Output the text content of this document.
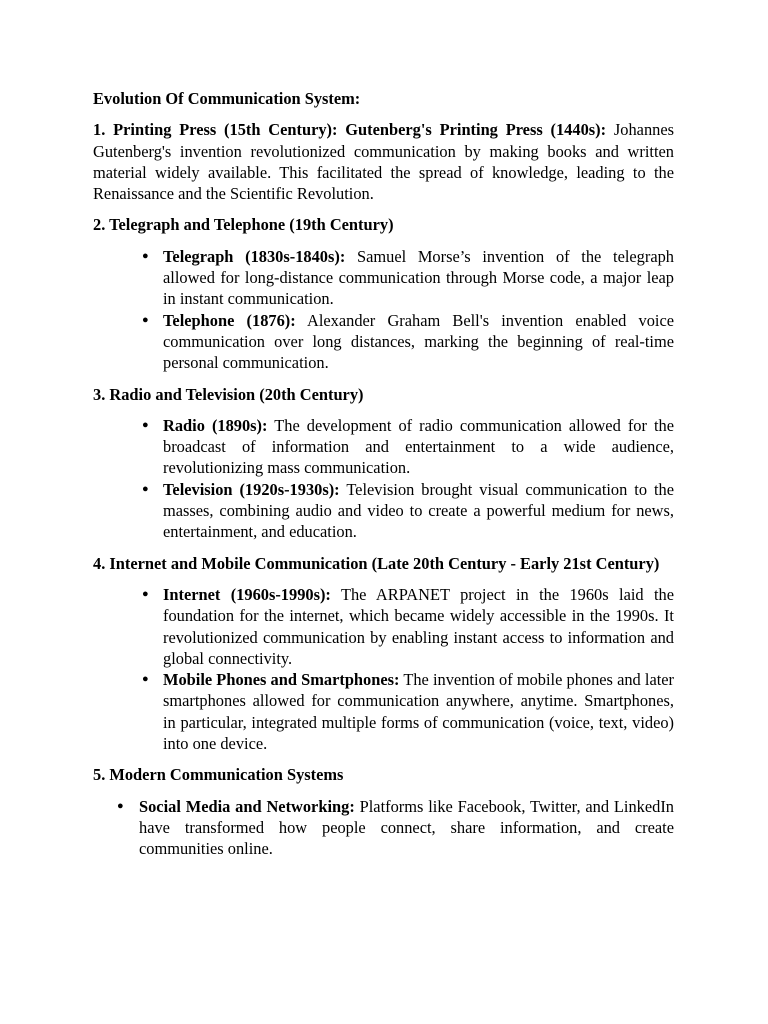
Evolution Of Communication System:

1. Printing Press (15th Century): Gutenberg's Printing Press (1440s): Johannes Gutenberg's invention revolutionized communication by making books and written material widely available. This facilitated the spread of knowledge, leading to the Renaissance and the Scientific Revolution.

2. Telegraph and Telephone (19th Century)

● Telegraph (1830s-1840s): Samuel Morse’s invention of the telegraph allowed for long-distance communication through Morse code, a major leap in instant communication.
● Telephone (1876): Alexander Graham Bell's invention enabled voice communication over long distances, marking the beginning of real-time personal communication.

3. Radio and Television (20th Century)

● Radio (1890s): The development of radio communication allowed for the broadcast of information and entertainment to a wide audience, revolutionizing mass communication.
● Television (1920s-1930s): Television brought visual communication to the masses, combining audio and video to create a powerful medium for news, entertainment, and education.

4. Internet and Mobile Communication (Late 20th Century - Early 21st Century)

● Internet (1960s-1990s): The ARPANET project in the 1960s laid the foundation for the internet, which became widely accessible in the 1990s. It revolutionized communication by enabling instant access to information and global connectivity.
● Mobile Phones and Smartphones: The invention of mobile phones and later smartphones allowed for communication anywhere, anytime. Smartphones, in particular, integrated multiple forms of communication (voice, text, video) into one device.

5. Modern Communication Systems

● Social Media and Networking: Platforms like Facebook, Twitter, and LinkedIn have transformed how people connect, share information, and create communities online.
